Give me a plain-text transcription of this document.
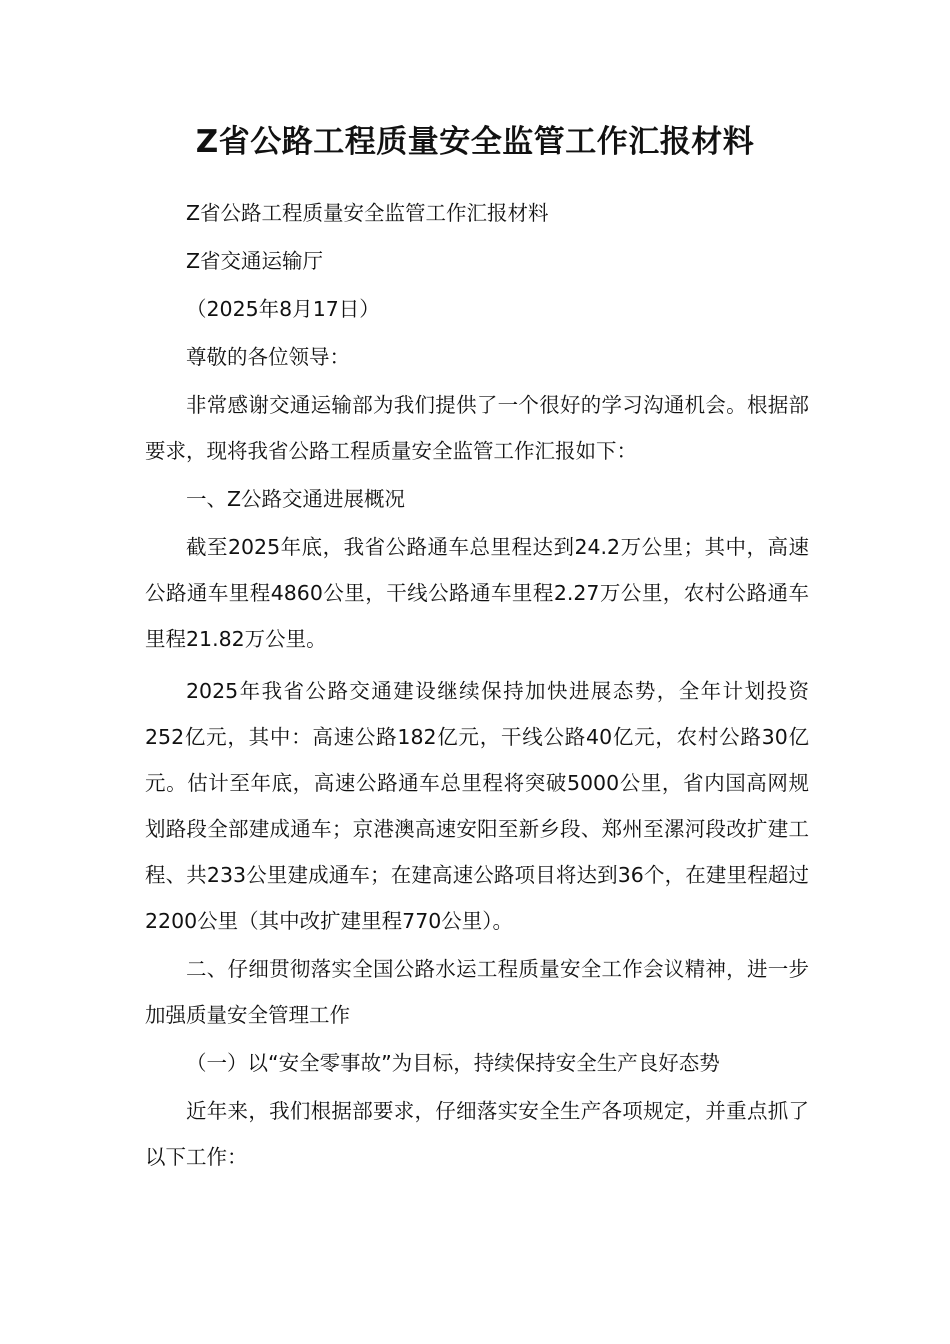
Z省公路工程质量安全监管工作汇报材料

Z省公路工程质量安全监管工作汇报材料

Z省交通运输厅

（2025年8月17日）

尊敬的各位领导：

非常感谢交通运输部为我们提供了一个很好的学习沟通机会。根据部要求，现将我省公路工程质量安全监管工作汇报如下：

一、Z公路交通进展概况

截至2025年底，我省公路通车总里程达到24.2万公里；其中，高速公路通车里程4860公里，干线公路通车里程2.27万公里，农村公路通车里程21.82万公里。

2025年我省公路交通建设继续保持加快进展态势，全年计划投资252亿元，其中：高速公路182亿元，干线公路40亿元，农村公路30亿元。估计至年底，高速公路通车总里程将突破5000公里，省内国高网规划路段全部建成通车；京港澳高速安阳至新乡段、郑州至漯河段改扩建工程、共233公里建成通车；在建高速公路项目将达到36个，在建里程超过2200公里（其中改扩建里程770公里）。

二、仔细贯彻落实全国公路水运工程质量安全工作会议精神，进一步加强质量安全管理工作

（一）以“安全零事故”为目标，持续保持安全生产良好态势

近年来，我们根据部要求，仔细落实安全生产各项规定，并重点抓了以下工作：
